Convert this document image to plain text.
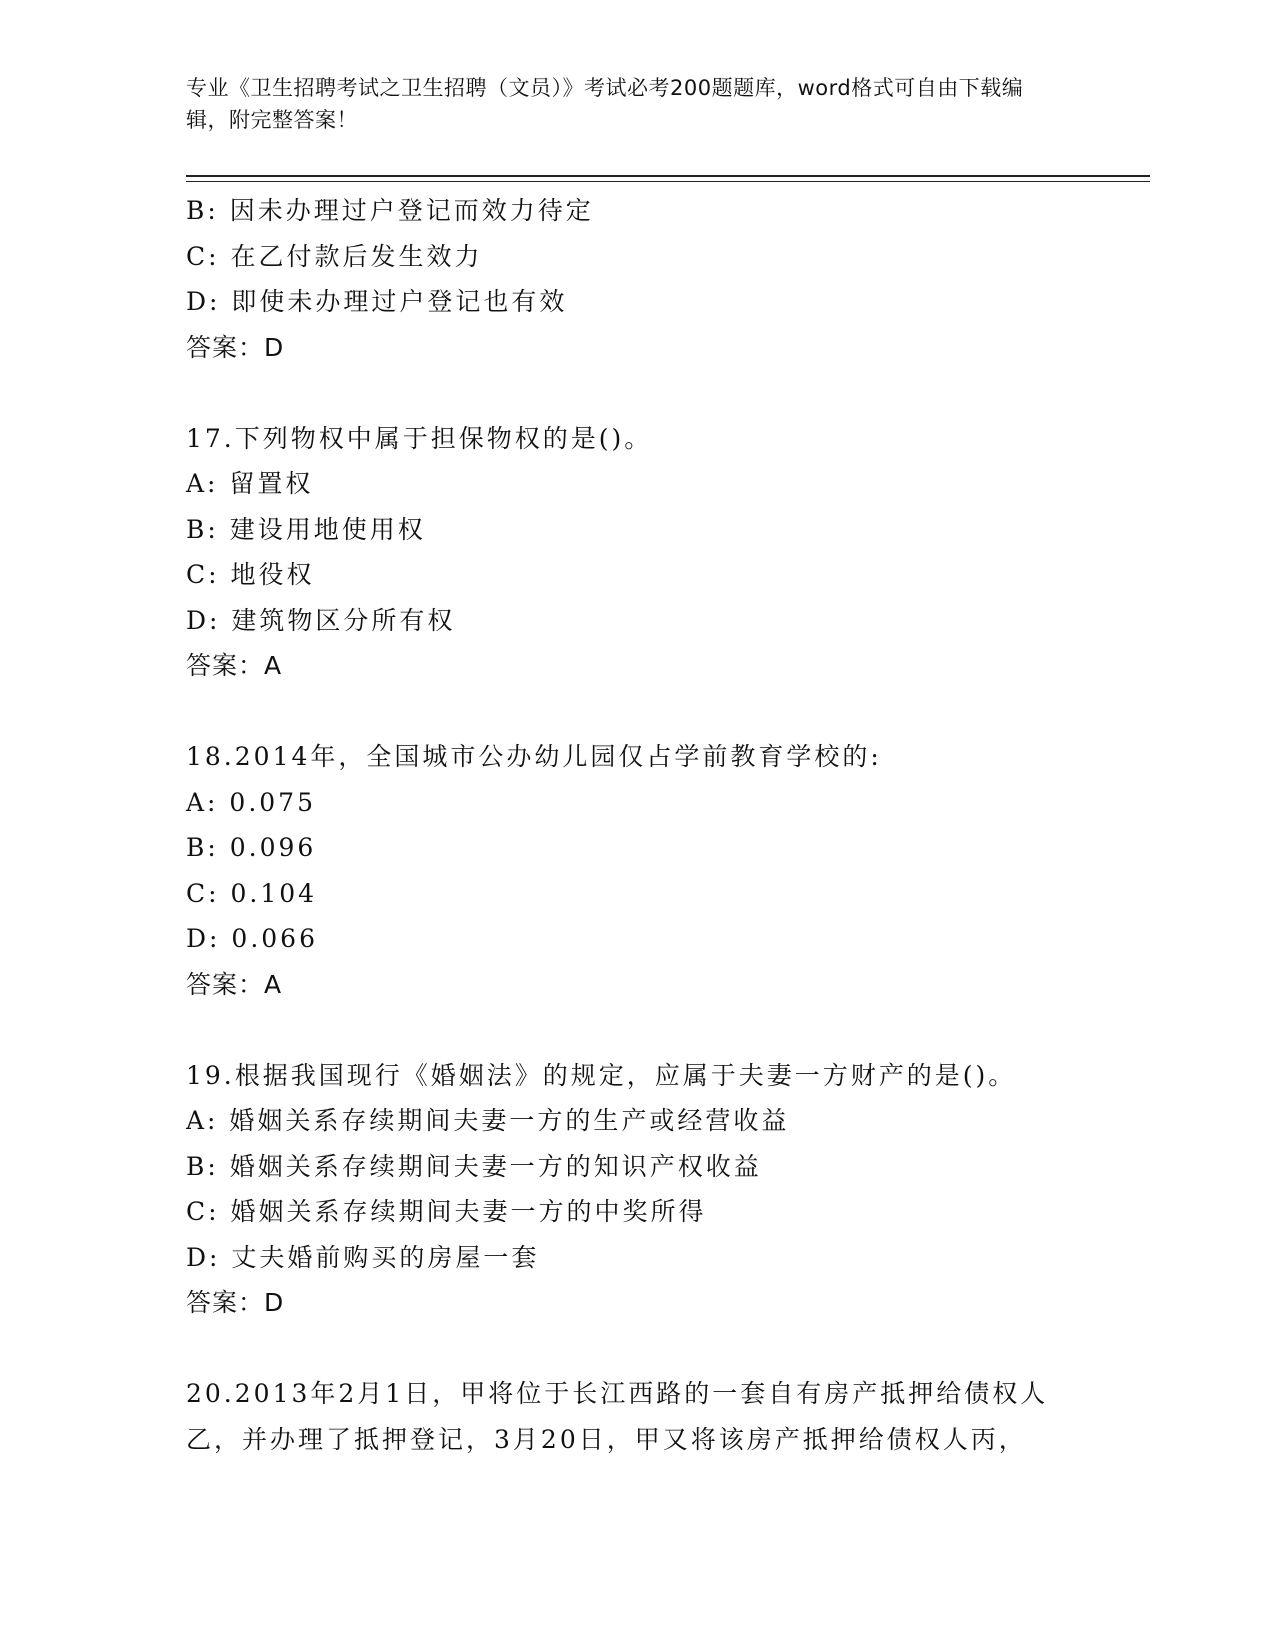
专业《卫生招聘考试之卫生招聘（文员）》考试必考200题题库，word格式可自由下载编辑，附完整答案！
B: 因未办理过户登记而效力待定
C: 在乙付款后发生效力
D: 即使未办理过户登记也有效
答案：D
17.下列物权中属于担保物权的是()。
A: 留置权
B: 建设用地使用权
C: 地役权
D: 建筑物区分所有权
答案：A
18.2014年，全国城市公办幼儿园仅占学前教育学校的:
A: 0.075
B: 0.096
C: 0.104
D: 0.066
答案：A
19.根据我国现行《婚姻法》的规定，应属于夫妻一方财产的是()。
A: 婚姻关系存续期间夫妻一方的生产或经营收益
B: 婚姻关系存续期间夫妻一方的知识产权收益
C: 婚姻关系存续期间夫妻一方的中奖所得
D: 丈夫婚前购买的房屋一套
答案：D
20.2013年2月1日，甲将位于长江西路的一套自有房产抵押给债权人
乙，并办理了抵押登记，3月20日，甲又将该房产抵押给债权人丙，
